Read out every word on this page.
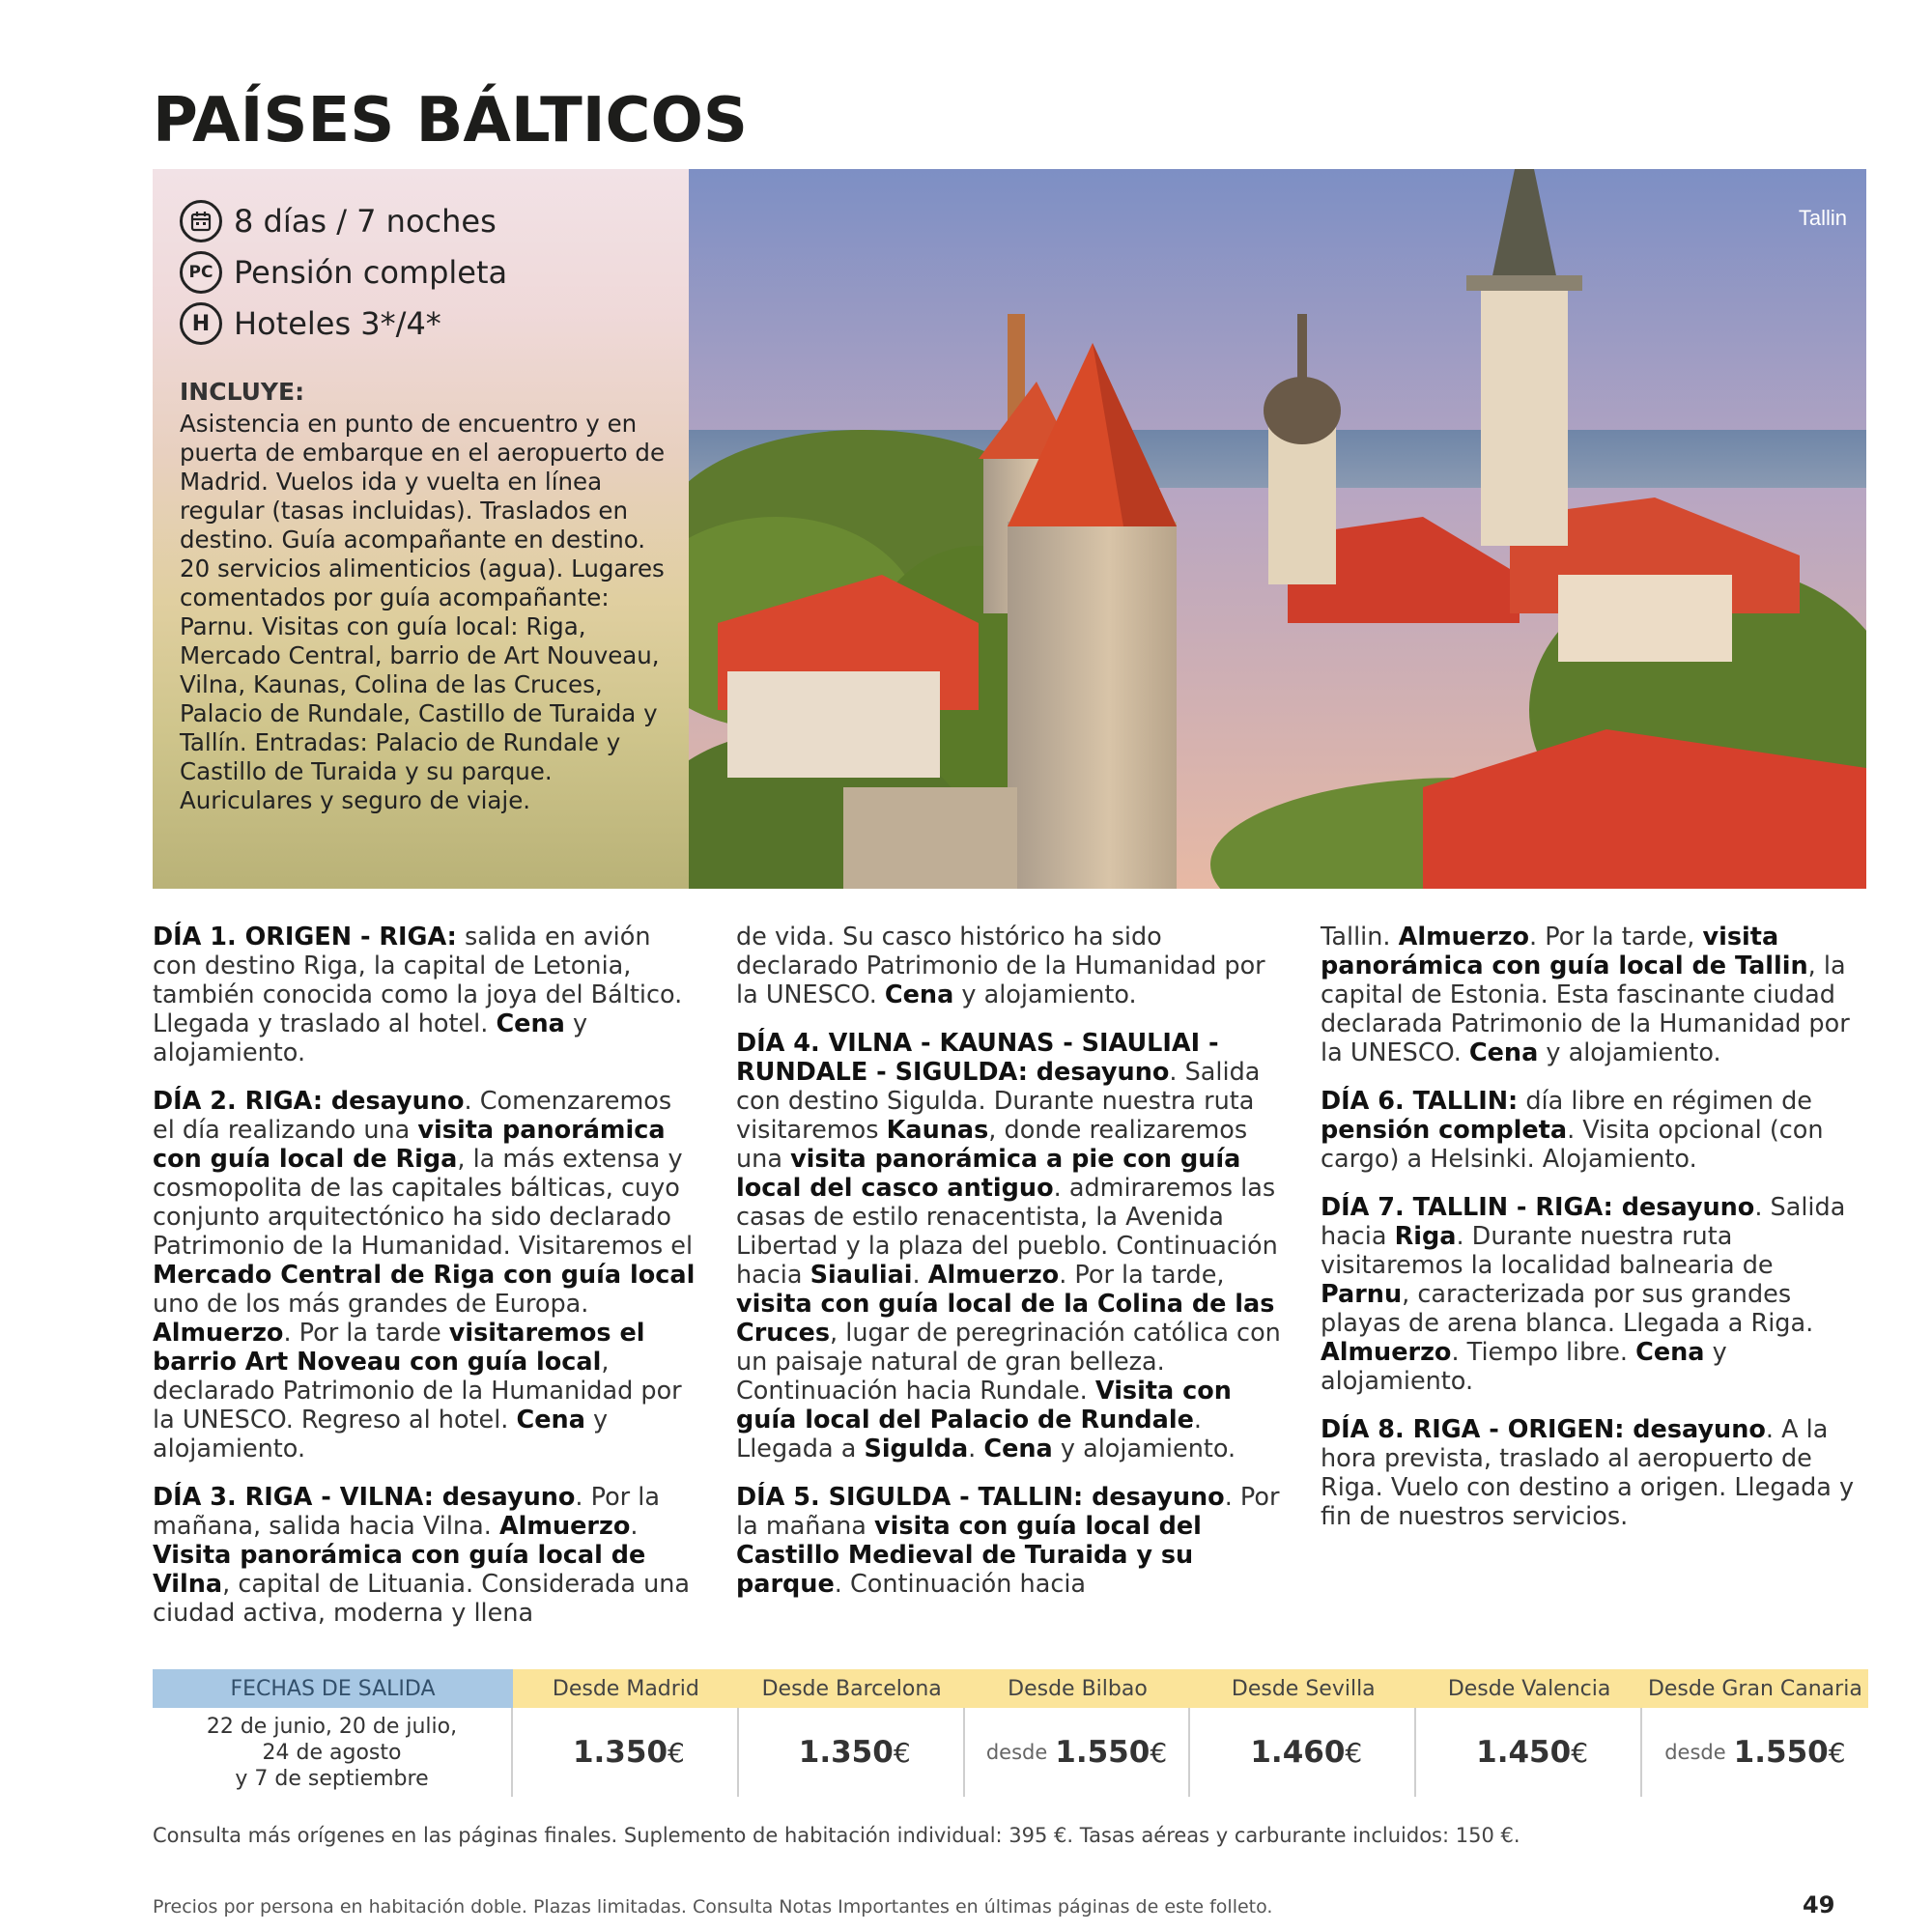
PAÍSES BÁLTICOS
8 días / 7 noches
PC Pensión completa
H Hoteles 3*/4*
INCLUYE:
Asistencia en punto de encuentro y en puerta de embarque en el aeropuerto de Madrid. Vuelos ida y vuelta en línea regular (tasas incluidas). Traslados en destino. Guía acompañante en destino. 20 servicios alimenticios (agua). Lugares comentados por guía acompañante: Parnu. Visitas con guía local: Riga, Mercado Central, barrio de Art Nouveau, Vilna, Kaunas, Colina de las Cruces, Palacio de Rundale, Castillo de Turaida y Tallín. Entradas: Palacio de Rundale y Castillo de Turaida y su parque. Auriculares y seguro de viaje.
Tallin

DÍA 1. ORIGEN - RIGA: salida en avión con destino Riga, la capital de Letonia, también conocida como la joya del Báltico. Llegada y traslado al hotel. Cena y alojamiento.

DÍA 2. RIGA: desayuno. Comenzaremos el día realizando una visita panorámica con guía local de Riga, la más extensa y cosmopolita de las capitales bálticas, cuyo conjunto arquitectónico ha sido declarado Patrimonio de la Humanidad. Visitaremos el Mercado Central de Riga con guía local uno de los más grandes de Europa. Almuerzo. Por la tarde visitaremos el barrio Art Noveau con guía local, declarado Patrimonio de la Humanidad por la UNESCO. Regreso al hotel. Cena y alojamiento.

DÍA 3. RIGA - VILNA: desayuno. Por la mañana, salida hacia Vilna. Almuerzo. Visita panorámica con guía local de Vilna, capital de Lituania. Considerada una ciudad activa, moderna y llena

de vida. Su casco histórico ha sido declarado Patrimonio de la Humanidad por la UNESCO. Cena y alojamiento.

DÍA 4. VILNA - KAUNAS - SIAULIAI - RUNDALE - SIGULDA: desayuno. Salida con destino Sigulda. Durante nuestra ruta visitaremos Kaunas, donde realizaremos una visita panorámica a pie con guía local del casco antiguo. admiraremos las casas de estilo renacentista, la Avenida Libertad y la plaza del pueblo. Continuación hacia Siauliai. Almuerzo. Por la tarde, visita con guía local de la Colina de las Cruces, lugar de peregrinación católica con un paisaje natural de gran belleza. Continuación hacia Rundale. Visita con guía local del Palacio de Rundale. Llegada a Sigulda. Cena y alojamiento.

DÍA 5. SIGULDA - TALLIN: desayuno. Por la mañana visita con guía local del Castillo Medieval de Turaida y su parque. Continuación hacia

Tallin. Almuerzo. Por la tarde, visita panorámica con guía local de Tallin, la capital de Estonia. Esta fascinante ciudad declarada Patrimonio de la Humanidad por la UNESCO. Cena y alojamiento.

DÍA 6. TALLIN: día libre en régimen de pensión completa. Visita opcional (con cargo) a Helsinki. Alojamiento.

DÍA 7. TALLIN - RIGA: desayuno. Salida hacia Riga. Durante nuestra ruta visitaremos la localidad balnearia de Parnu, caracterizada por sus grandes playas de arena blanca. Llegada a Riga. Almuerzo. Tiempo libre. Cena y alojamiento.

DÍA 8. RIGA - ORIGEN: desayuno. A la hora prevista, traslado al aeropuerto de Riga. Vuelo con destino a origen. Llegada y fin de nuestros servicios.

FECHAS DE SALIDA	Desde Madrid	Desde Barcelona	Desde Bilbao	Desde Sevilla	Desde Valencia	Desde Gran Canaria
22 de junio, 20 de julio,
24 de agosto
y 7 de septiembre
1.350 €	1.350 €	desde 1.550 €	1.460 €	1.450 €	desde 1.550 €
Consulta más orígenes en las páginas finales. Suplemento de habitación individual: 395 €. Tasas aéreas y carburante incluidos: 150 €.
Precios por persona en habitación doble. Plazas limitadas. Consulta Notas Importantes en últimas páginas de este folleto.	49
